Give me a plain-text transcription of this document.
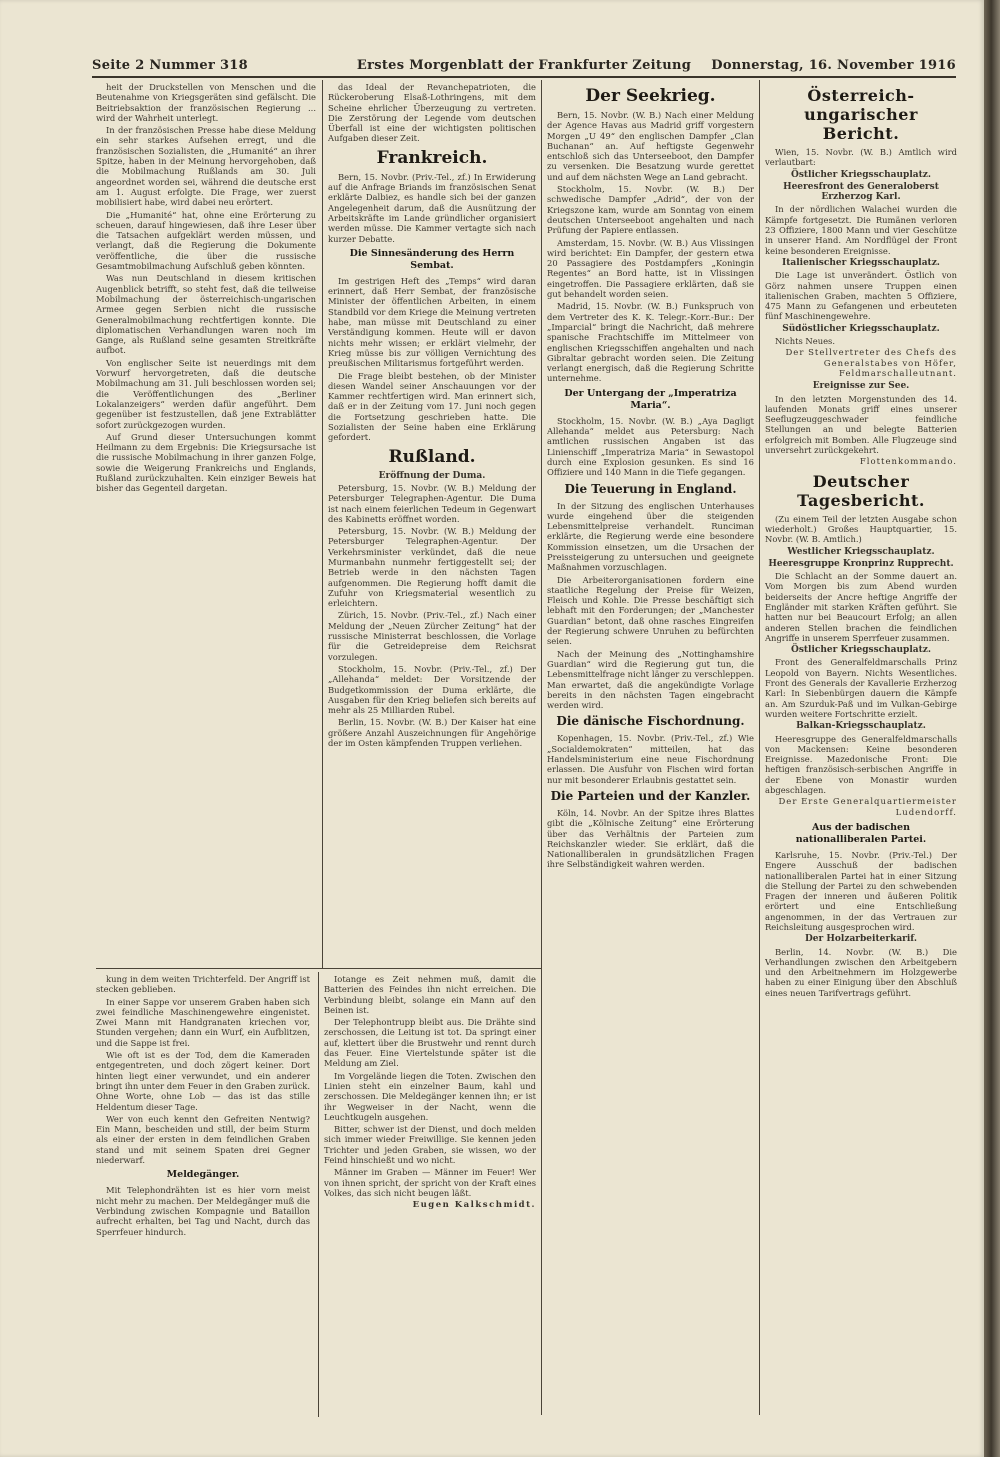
Seite 2 Nummer 318	Erstes Morgenblatt der Frankfurter Zeitung Donnerstag, 16. November 1916

heit der Druckstellen von Menschen und die Beutenahme von Kriegsgeräten sind gefälscht. Die Beitriebsaktion der französischen Regierung ... wird der Wahrheit unterlegt.

In der französischen Presse habe diese Meldung ein sehr starkes Aufsehen erregt, und die französischen Sozialisten, die „Humanité“ an ihrer Spitze, haben in der Meinung hervorgehoben, daß die Mobilmachung Rußlands am 30. Juli angeordnet worden sei, während die deutsche erst am 1. August erfolgte. Die Frage, wer zuerst mobilisiert habe, wird dabei neu erörtert.

Die „Humanité“ hat, ohne eine Erörterung zu scheuen, darauf hingewiesen, daß ihre Leser über die Tatsachen aufgeklärt werden müssen, und verlangt, daß die Regierung die Dokumente veröffentliche, die über die russische Gesamtmobilmachung Aufschluß geben könnten.

Was nun Deutschland in diesem kritischen Augenblick betrifft, so steht fest, daß die teilweise Mobilmachung der österreichisch-ungarischen Armee gegen Serbien nicht die russische Generalmobilmachung rechtfertigen konnte. Die diplomatischen Verhandlungen waren noch im Gange, als Rußland seine gesamten Streitkräfte aufbot.

Von englischer Seite ist neuerdings mit dem Vorwurf hervorgetreten, daß die deutsche Mobilmachung am 31. Juli beschlossen worden sei; die Veröffentlichungen des „Berliner Lokalanzeigers“ werden dafür angeführt. Dem gegenüber ist festzustellen, daß jene Extrablätter sofort zurückgezogen wurden.

Auf Grund dieser Untersuchungen kommt Heilmann zu dem Ergebnis: Die Kriegsursache ist die russische Mobilmachung in ihrer ganzen Folge, sowie die Weigerung Frankreichs und Englands, Rußland zurückzuhalten. Kein einziger Beweis hat bisher das Gegenteil dargetan.

das Ideal der Revanchepatrioten, die Rückeroberung Elsaß-Lothringens, mit dem Scheine ehrlicher Überzeugung zu vertreten. Die Zerstörung der Legende vom deutschen Überfall ist eine der wichtigsten politischen Aufgaben dieser Zeit.

Frankreich.

Bern, 15. Novbr. (Priv.-Tel., zf.) In Erwiderung auf die Anfrage Briands im französischen Senat erklärte Dalbiez, es handle sich bei der ganzen Angelegenheit darum, daß die Ausnützung der Arbeitskräfte im Lande gründlicher organisiert werden müsse. Die Kammer vertagte sich nach kurzer Debatte.

Die Sinnesänderung des Herrn Sembat.

Im gestrigen Heft des „Temps“ wird daran erinnert, daß Herr Sembat, der französische Minister der öffentlichen Arbeiten, in einem Standbild vor dem Kriege die Meinung vertreten habe, man müsse mit Deutschland zu einer Verständigung kommen. Heute will er davon nichts mehr wissen; er erklärt vielmehr, der Krieg müsse bis zur völligen Vernichtung des preußischen Militarismus fortgeführt werden.

Die Frage bleibt bestehen, ob der Minister diesen Wandel seiner Anschauungen vor der Kammer rechtfertigen wird. Man erinnert sich, daß er in der Zeitung vom 17. Juni noch gegen die Fortsetzung geschrieben hatte. Die Sozialisten der Seine haben eine Erklärung gefordert.

Rußland.
Eröffnung der Duma.

Petersburg, 15. Novbr. (W. B.) Meldung der Petersburger Telegraphen-Agentur. Die Duma ist nach einem feierlichen Tedeum in Gegenwart des Kabinetts eröffnet worden.

Petersburg, 15. Novbr. (W. B.) Meldung der Petersburger Telegraphen-Agentur. Der Verkehrsminister verkündet, daß die neue Murmanbahn nunmehr fertiggestellt sei; der Betrieb werde in den nächsten Tagen aufgenommen. Die Regierung hofft damit die Zufuhr von Kriegsmaterial wesentlich zu erleichtern.

Zürich, 15. Novbr. (Priv.-Tel., zf.) Nach einer Meldung der „Neuen Zürcher Zeitung“ hat der russische Ministerrat beschlossen, die Vorlage für die Getreidepreise dem Reichsrat vorzulegen.

Stockholm, 15. Novbr. (Priv.-Tel., zf.) Der „Allehanda“ meldet: Der Vorsitzende der Budgetkommission der Duma erklärte, die Ausgaben für den Krieg beliefen sich bereits auf mehr als 25 Milliarden Rubel.

Berlin, 15. Novbr. (W. B.) Der Kaiser hat eine größere Anzahl Auszeichnungen für Angehörige der im Osten kämpfenden Truppen verliehen.

Der Seekrieg.

Bern, 15. Novbr. (W. B.) Nach einer Meldung der Agence Havas aus Madrid griff vorgestern Morgen „U 49“ den englischen Dampfer „Clan Buchanan“ an. Auf heftigste Gegenwehr entschloß sich das Unterseeboot, den Dampfer zu versenken. Die Besatzung wurde gerettet und auf dem nächsten Wege an Land gebracht.

Stockholm, 15. Novbr. (W. B.) Der schwedische Dampfer „Adrid“, der von der Kriegszone kam, wurde am Sonntag von einem deutschen Unterseeboot angehalten und nach Prüfung der Papiere entlassen.

Amsterdam, 15. Novbr. (W. B.) Aus Vlissingen wird berichtet: Ein Dampfer, der gestern etwa 20 Passagiere des Postdampfers „Koningin Regentes“ an Bord hatte, ist in Vlissingen eingetroffen. Die Passagiere erklärten, daß sie gut behandelt worden seien.

Madrid, 15. Novbr. (W. B.) Funkspruch von dem Vertreter des K. K. Telegr.-Korr.-Bur.: Der „Imparcial“ bringt die Nachricht, daß mehrere spanische Frachtschiffe im Mittelmeer von englischen Kriegsschiffen angehalten und nach Gibraltar gebracht worden seien. Die Zeitung verlangt energisch, daß die Regierung Schritte unternehme.

Der Untergang der „Imperatriza Maria“.

Stockholm, 15. Novbr. (W. B.) „Aya Dagligt Allehanda“ meldet aus Petersburg: Nach amtlichen russischen Angaben ist das Linienschiff „Imperatriza Maria“ in Sewastopol durch eine Explosion gesunken. Es sind 16 Offiziere und 140 Mann in die Tiefe gegangen.

Die Teuerung in England.

In der Sitzung des englischen Unterhauses wurde eingehend über die steigenden Lebensmittelpreise verhandelt. Runciman erklärte, die Regierung werde eine besondere Kommission einsetzen, um die Ursachen der Preissteigerung zu untersuchen und geeignete Maßnahmen vorzuschlagen.

Die Arbeiterorganisationen fordern eine staatliche Regelung der Preise für Weizen, Fleisch und Kohle. Die Presse beschäftigt sich lebhaft mit den Forderungen; der „Manchester Guardian“ betont, daß ohne rasches Eingreifen der Regierung schwere Unruhen zu befürchten seien.

Nach der Meinung des „Nottinghamshire Guardian“ wird die Regierung gut tun, die Lebensmittelfrage nicht länger zu verschleppen. Man erwartet, daß die angekündigte Vorlage bereits in den nächsten Tagen eingebracht werden wird.

Die dänische Fischordnung.

Kopenhagen, 15. Novbr. (Priv.-Tel., zf.) Wie „Socialdemokraten“ mitteilen, hat das Handelsministerium eine neue Fischordnung erlassen. Die Ausfuhr von Fischen wird fortan nur mit besonderer Erlaubnis gestattet sein.

Die Parteien und der Kanzler.

Köln, 14. Novbr. An der Spitze ihres Blattes gibt die „Kölnische Zeitung“ eine Erörterung über das Verhältnis der Parteien zum Reichskanzler wieder. Sie erklärt, daß die Nationalliberalen in grundsätzlichen Fragen ihre Selbständigkeit wahren werden.

Österreich-ungarischer Bericht.

Wien, 15. Novbr. (W. B.) Amtlich wird verlautbart:

Östlicher Kriegsschauplatz.
Heeresfront des Generaloberst Erzherzog Karl.

In der nördlichen Walachei wurden die Kämpfe fortgesetzt. Die Rumänen verloren 23 Offiziere, 1800 Mann und vier Geschütze in unserer Hand. Am Nordflügel der Front keine besonderen Ereignisse.

Italienischer Kriegsschauplatz.

Die Lage ist unverändert. Östlich von Görz nahmen unsere Truppen einen italienischen Graben, machten 5 Offiziere, 475 Mann zu Gefangenen und erbeuteten fünf Maschinengewehre.

Südöstlicher Kriegsschauplatz.

Nichts Neues.

Der Stellvertreter des Chefs des Generalstabes von Höfer, Feldmarschalleutnant.

Ereignisse zur See.

In den letzten Morgenstunden des 14. laufenden Monats griff eines unserer Seeflugzeuggeschwader feindliche Stellungen an und belegte Batterien erfolgreich mit Bomben. Alle Flugzeuge sind unversehrt zurückgekehrt.

Flottenkommando.

Deutscher Tagesbericht.

(Zu einem Teil der letzten Ausgabe schon wiederholt.) Großes Hauptquartier, 15. Novbr. (W. B. Amtlich.)

Westlicher Kriegsschauplatz.
Heeresgruppe Kronprinz Rupprecht.

Die Schlacht an der Somme dauert an. Vom Morgen bis zum Abend wurden beiderseits der Ancre heftige Angriffe der Engländer mit starken Kräften geführt. Sie hatten nur bei Beaucourt Erfolg; an allen anderen Stellen brachen die feindlichen Angriffe in unserem Sperrfeuer zusammen.

Östlicher Kriegsschauplatz.

Front des Generalfeldmarschalls Prinz Leopold von Bayern. Nichts Wesentliches. Front des Generals der Kavallerie Erzherzog Karl: In Siebenbürgen dauern die Kämpfe an. Am Szurduk-Paß und im Vulkan-Gebirge wurden weitere Fortschritte erzielt.

Balkan-Kriegsschauplatz.

Heeresgruppe des Generalfeldmarschalls von Mackensen: Keine besonderen Ereignisse. Mazedonische Front: Die heftigen französisch-serbischen Angriffe in der Ebene von Monastir wurden abgeschlagen.

Der Erste Generalquartiermeister Ludendorff.

Aus der badischen nationalliberalen Partei.

Karlsruhe, 15. Novbr. (Priv.-Tel.) Der Engere Ausschuß der badischen nationalliberalen Partei hat in einer Sitzung die Stellung der Partei zu den schwebenden Fragen der inneren und äußeren Politik erörtert und eine Entschließung angenommen, in der das Vertrauen zur Reichsleitung ausgesprochen wird.

Der Holzarbeiterkarif.

Berlin, 14. Novbr. (W. B.) Die Verhandlungen zwischen den Arbeitgebern und den Arbeitnehmern im Holzgewerbe haben zu einer Einigung über den Abschluß eines neuen Tarifvertrags geführt.

kung in dem weiten Trichterfeld. Der Angriff ist stecken geblieben.

In einer Sappe vor unserem Graben haben sich zwei feindliche Maschinengewehre eingenistet. Zwei Mann mit Handgranaten kriechen vor, Stunden vergehen; dann ein Wurf, ein Aufblitzen, und die Sappe ist frei.

Wie oft ist es der Tod, dem die Kameraden entgegentreten, und doch zögert keiner. Dort hinten liegt einer verwundet, und ein anderer bringt ihn unter dem Feuer in den Graben zurück. Ohne Worte, ohne Lob — das ist das stille Heldentum dieser Tage.

Wer von euch kennt den Gefreiten Nentwig? Ein Mann, bescheiden und still, der beim Sturm als einer der ersten in dem feindlichen Graben stand und mit seinem Spaten drei Gegner niederwarf.

Meldegänger.

Mit Telephondrähten ist es hier vorn meist nicht mehr zu machen. Der Meldegänger muß die Verbindung zwischen Kompagnie und Bataillon aufrecht erhalten, bei Tag und Nacht, durch das Sperrfeuer hindurch.

Iotange es Zeit nehmen muß, damit die Batterien des Feindes ihn nicht erreichen. Die Verbindung bleibt, solange ein Mann auf den Beinen ist.

Der Telephontrupp bleibt aus. Die Drähte sind zerschossen, die Leitung ist tot. Da springt einer auf, klettert über die Brustwehr und rennt durch das Feuer. Eine Viertelstunde später ist die Meldung am Ziel.

Im Vorgelände liegen die Toten. Zwischen den Linien steht ein einzelner Baum, kahl und zerschossen. Die Meldegänger kennen ihn; er ist ihr Wegweiser in der Nacht, wenn die Leuchtkugeln ausgehen.

Bitter, schwer ist der Dienst, und doch melden sich immer wieder Freiwillige. Sie kennen jeden Trichter und jeden Graben, sie wissen, wo der Feind hinschießt und wo nicht.

Männer im Graben — Männer im Feuer! Wer von ihnen spricht, der spricht von der Kraft eines Volkes, das sich nicht beugen läßt.

Eugen Kalkschmidt.
